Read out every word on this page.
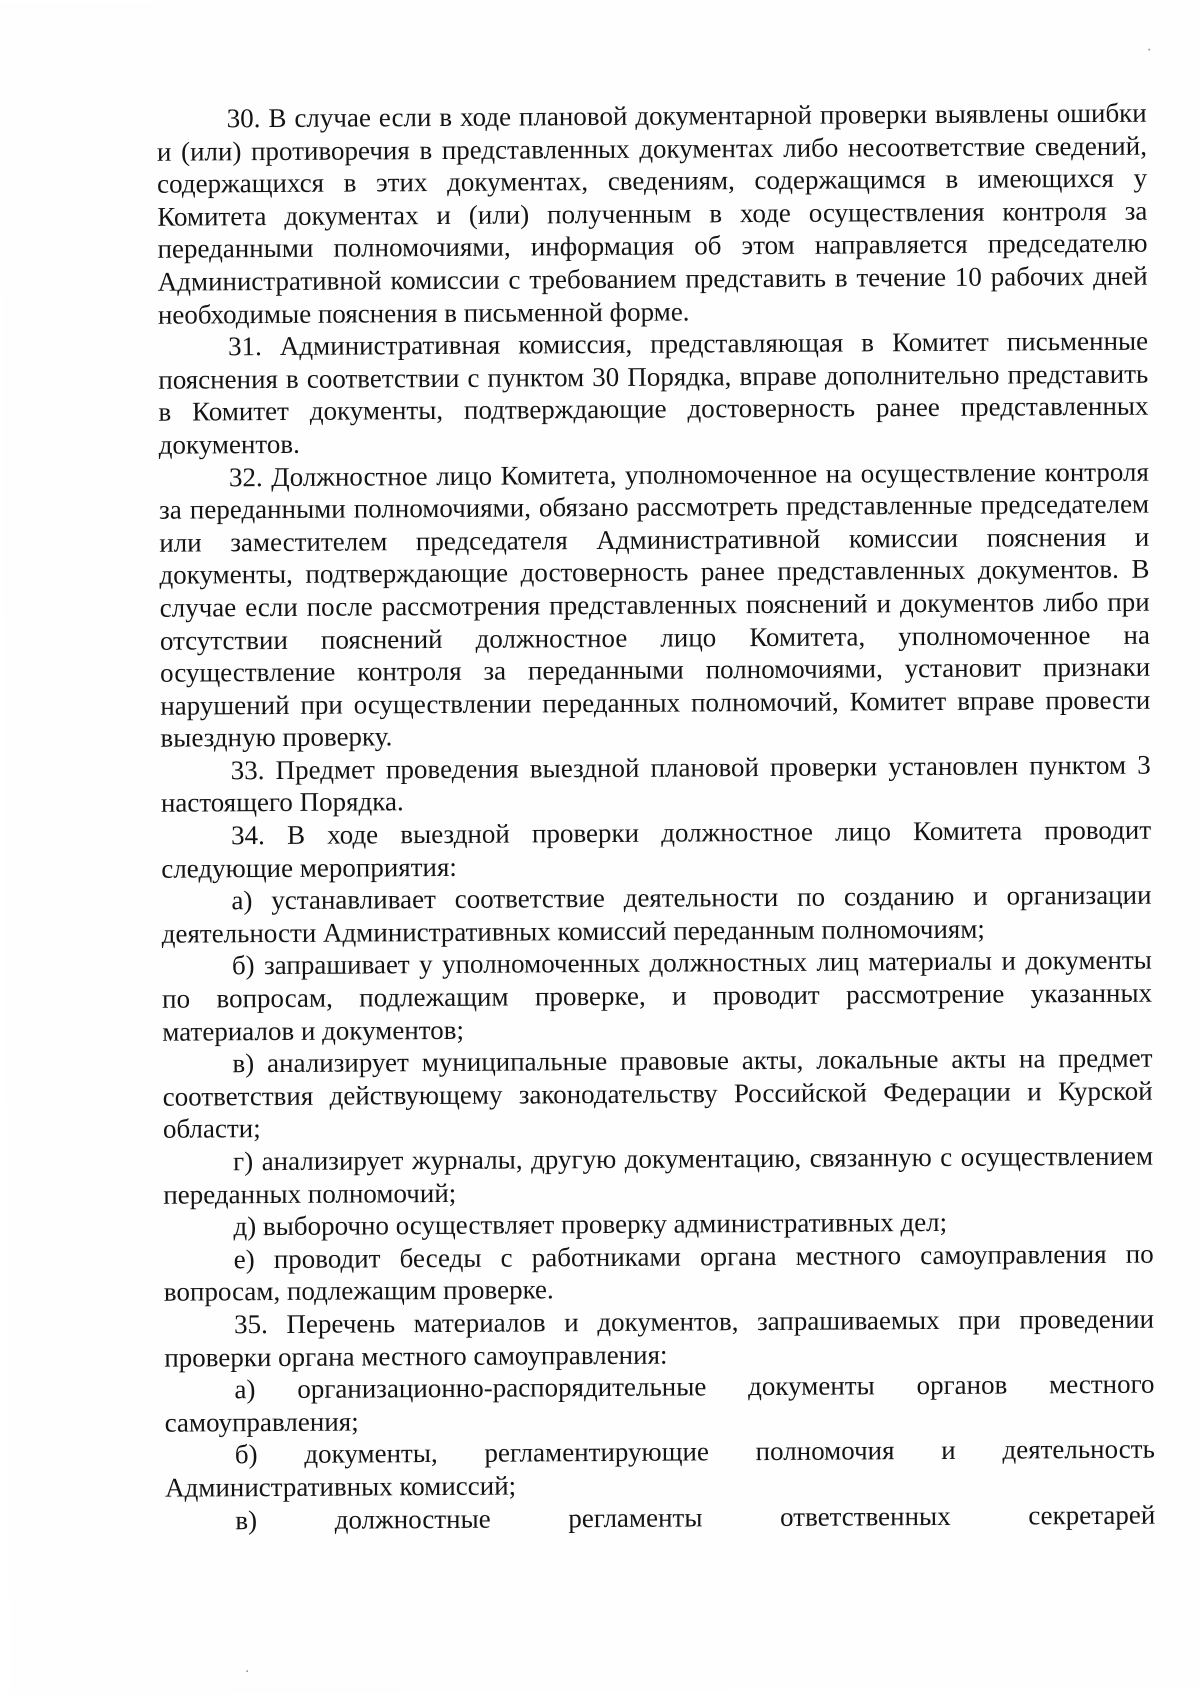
30. В случае если в ходе плановой документарной проверки выявлены ошибки и (или) противоречия в представленных документах либо несоответствие сведений, содержащихся в этих документах, сведениям, содержащимся в имеющихся у Комитета документах и (или) полученным в ходе осуществления контроля за переданными полномочиями, информация об этом направляется председателю Административной комиссии с требованием представить в течение 10 рабочих дней необходимые пояснения в письменной форме.

31. Административная комиссия, представляющая в Комитет письменные пояснения в соответствии с пунктом 30 Порядка, вправе дополнительно представить в Комитет документы, подтверждающие достоверность ранее представленных документов.

32. Должностное лицо Комитета, уполномоченное на осуществление контроля за переданными полномочиями, обязано рассмотреть представленные председателем или заместителем председателя Административной комиссии пояснения и документы, подтверждающие достоверность ранее представленных документов. В случае если после рассмотрения представленных пояснений и документов либо при отсутствии пояснений должностное лицо Комитета, уполномоченное на осуществление контроля за переданными полномочиями, установит признаки нарушений при осуществлении переданных полномочий, Комитет вправе провести выездную проверку.

33. Предмет проведения выездной плановой проверки установлен пунктом 3 настоящего Порядка.

34. В ходе выездной проверки должностное лицо Комитета проводит следующие мероприятия:

а) устанавливает соответствие деятельности по созданию и организации деятельности Административных комиссий переданным полномочиям;

б) запрашивает у уполномоченных должностных лиц материалы и документы по вопросам, подлежащим проверке, и проводит рассмотрение указанных материалов и документов;

в) анализирует муниципальные правовые акты, локальные акты на предмет соответствия действующему законодательству Российской Федерации и Курской области;

г) анализирует журналы, другую документацию, связанную с осуществлением переданных полномочий;

д) выборочно осуществляет проверку административных дел;

е) проводит беседы с работниками органа местного самоуправления по вопросам, подлежащим проверке.

35. Перечень материалов и документов, запрашиваемых при проведении проверки органа местного самоуправления:

а) организационно-распорядительные документы органов местного самоуправления;

б) документы, регламентирующие полномочия и деятельность Административных комиссий;

в) должностные регламенты ответственных секретарей
